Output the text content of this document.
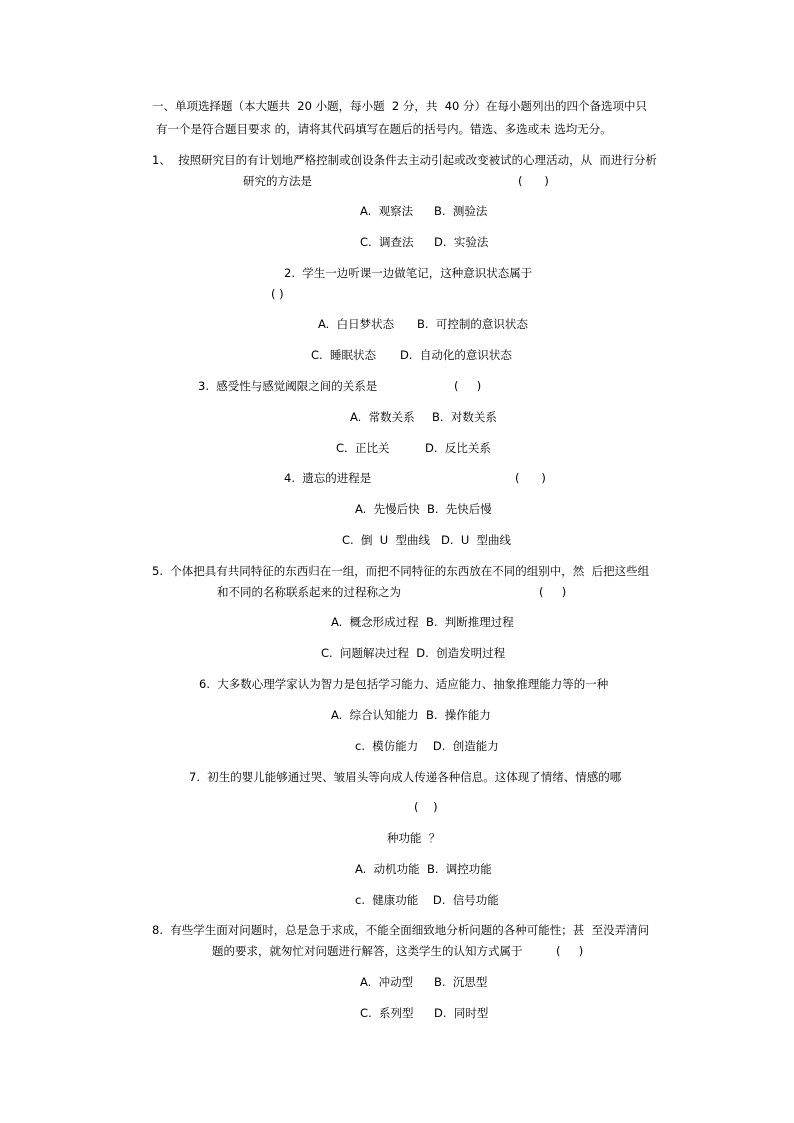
一、单项选择题（本大题共  20 小题，每小题  2 分，共  40 分）在每小题列出的四个备选项中只
有一个是符合题目要求 的，请将其代码填写在题后的括号内。错选、多选或未 选均无分。
1、  按照研究目的有计划地严格控制或创设条件去主动引起或改变被试的心理活动，从  而进行分析
研究的方法是	(      )
A.  观察法 B.  测验法
C.  调查法 D.  实验法
2.  学生一边听课一边做笔记，这种意识状态属于
( )
A.  白日梦状态 B.  可控制的意识状态
C.  睡眠状态 D.  自动化的意识状态
3.  感受性与感觉阈限之间的关系是	(     )
A.  常数关系 B.  对数关系
C.  正比关	D.  反比关系
4.  遗忘的进程是	(      )
A.  先慢后快  B.  先快后慢
C.  倒  U  型曲线   D.  U  型曲线
5.  个体把具有共同特征的东西归在一组，而把不同特征的东西放在不同的组别中，然  后把这些组
和不同的名称联系起来的过程称之为	(     )
A.  概念形成过程  B.  判断推理过程
C.  问题解决过程  D.  创造发明过程
6.  大多数心理学家认为智力是包括学习能力、适应能力、抽象推理能力等的一种
A.  综合认知能力  B.  操作能力
c.  模仿能力    D.  创造能力
7.  初生的婴儿能够通过哭、皱眉头等向成人传递各种信息。这体现了情绪、情感的哪
(    )
种功能  ？
A.  动机功能  B.  调控功能
c.  健康功能    D.  信号功能
8.  有些学生面对问题时，总是急于求成，不能全面细致地分析问题的各种可能性；甚  至没弄清问
题的要求，就匆忙对问题进行解答，这类学生的认知方式属于	(     )
A.  冲动型 B.  沉思型
C.  系列型 D.  同时型
